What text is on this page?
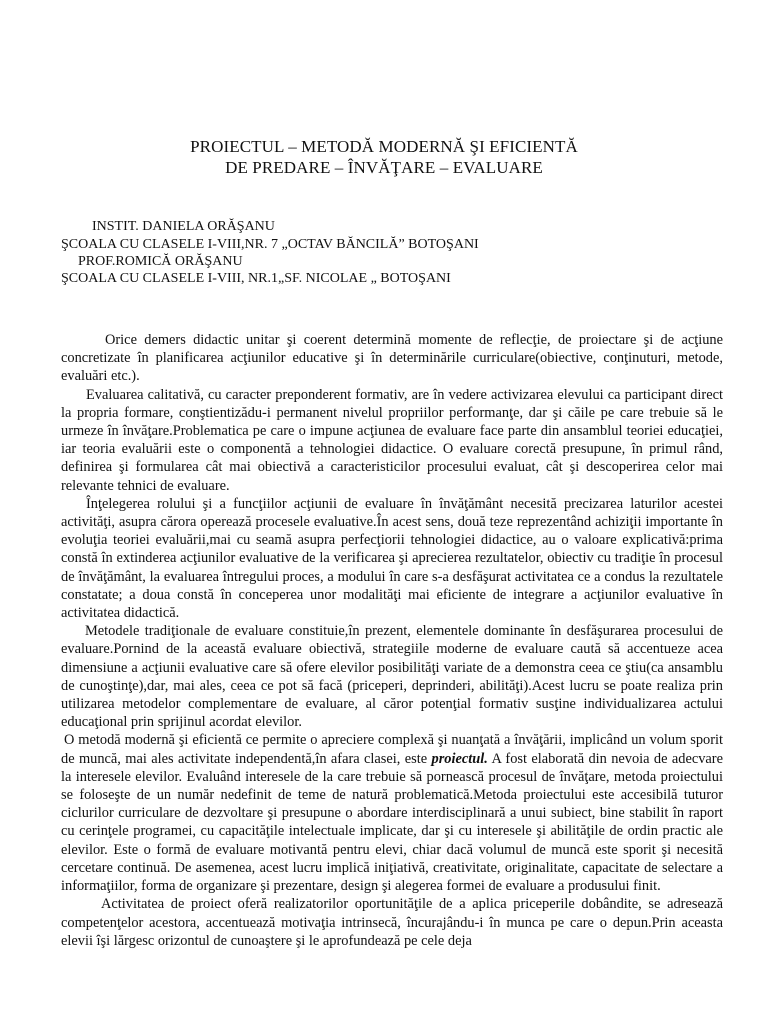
PROIECTUL – METODĂ MODERNĂ ŞI EFICIENTĂ
DE PREDARE – ÎNVĂŢARE – EVALUARE
INSTIT. DANIELA ORĂŞANU
ŞCOALA CU CLASELE I-VIII,NR. 7 „OCTAV BĂNCILĂ” BOTOŞANI
PROF.ROMICĂ ORĂŞANU
ŞCOALA CU CLASELE I-VIII, NR.1„SF. NICOLAE „ BOTOŞANI

Orice demers didactic unitar şi coerent determină momente de reflecţie, de proiectare şi de acţiune concretizate în planificarea acţiunilor educative şi în determinările curriculare(obiective, conţinuturi, metode, evaluări etc.).

Evaluarea calitativă, cu caracter preponderent formativ, are în vedere activizarea elevului ca participant direct la propria formare, conştientizădu-i permanent nivelul propriilor performanţe, dar şi căile pe care trebuie să le urmeze în învăţare.Problematica pe care o impune acţiunea de evaluare face parte din ansamblul teoriei educaţiei, iar teoria evaluării este o componentă a tehnologiei didactice. O evaluare corectă presupune, în primul rând, definirea şi formularea cât mai obiectivă a caracteristicilor procesului evaluat, cât şi descoperirea celor mai relevante tehnici de evaluare.

Înţelegerea rolului şi a funcţiilor acţiunii de evaluare în învăţământ necesită precizarea laturilor acestei activităţi, asupra cărora operează procesele evaluative.În acest sens, două teze reprezentând achiziţii importante în evoluţia teoriei evaluării,mai cu seamă asupra perfecţiorii tehnologiei didactice, au o valoare explicativă:prima constă în extinderea acţiunilor evaluative de la verificarea şi aprecierea rezultatelor, obiectiv cu tradiţie în procesul de învăţământ, la evaluarea întregului proces, a modului în care s-a desfăşurat activitatea ce a condus la rezultatele constatate; a doua constă în conceperea unor modalităţi mai eficiente de integrare a acţiunilor evaluative în activitatea didactică.

Metodele tradiţionale de evaluare constituie,în prezent, elementele dominante în desfăşurarea procesului de evaluare.Pornind de la această evaluare obiectivă, strategiile moderne de evaluare caută să accentueze acea dimensiune a acţiunii evaluative care să ofere elevilor posibilităţi variate de a demonstra ceea ce ştiu(ca ansamblu de cunoştinţe),dar, mai ales, ceea ce pot să facă (priceperi, deprinderi, abilităţi).Acest lucru se poate realiza prin utilizarea metodelor complementare de evaluare, al căror potenţial formativ susţine individualizarea actului educaţional prin sprijinul acordat elevilor.

O metodă modernă şi eficientă ce permite o apreciere complexă şi nuanţată a învăţării, implicând un volum sporit de muncă, mai ales activitate independentă,în afara clasei, este proiectul. A fost elaborată din nevoia de adecvare la interesele elevilor. Evaluând interesele de la care trebuie să pornească procesul de învăţare, metoda proiectului se foloseşte de un număr nedefinit de teme de natură problematică.Metoda proiectului este accesibilă tuturor ciclurilor curriculare de dezvoltare şi presupune o abordare interdisciplinară a unui subiect, bine stabilit în raport cu cerinţele programei, cu capacităţile intelectuale implicate, dar şi cu interesele şi abilităţile de ordin practic ale elevilor. Este o formă de evaluare motivantă pentru elevi, chiar dacă volumul de muncă este sporit şi necesită cercetare continuă. De asemenea, acest lucru implică iniţiativă, creativitate, originalitate, capacitate de selectare a informaţiilor, forma de organizare şi prezentare, design şi alegerea formei de evaluare a produsului finit.

Activitatea de proiect oferă realizatorilor oportunităţile de a aplica priceperile dobândite, se adresează competenţelor acestora, accentuează motivaţia intrinsecă, încurajându-i în munca pe care o depun.Prin aceasta elevii îşi lărgesc orizontul de cunoaştere şi le aprofundează pe cele deja
